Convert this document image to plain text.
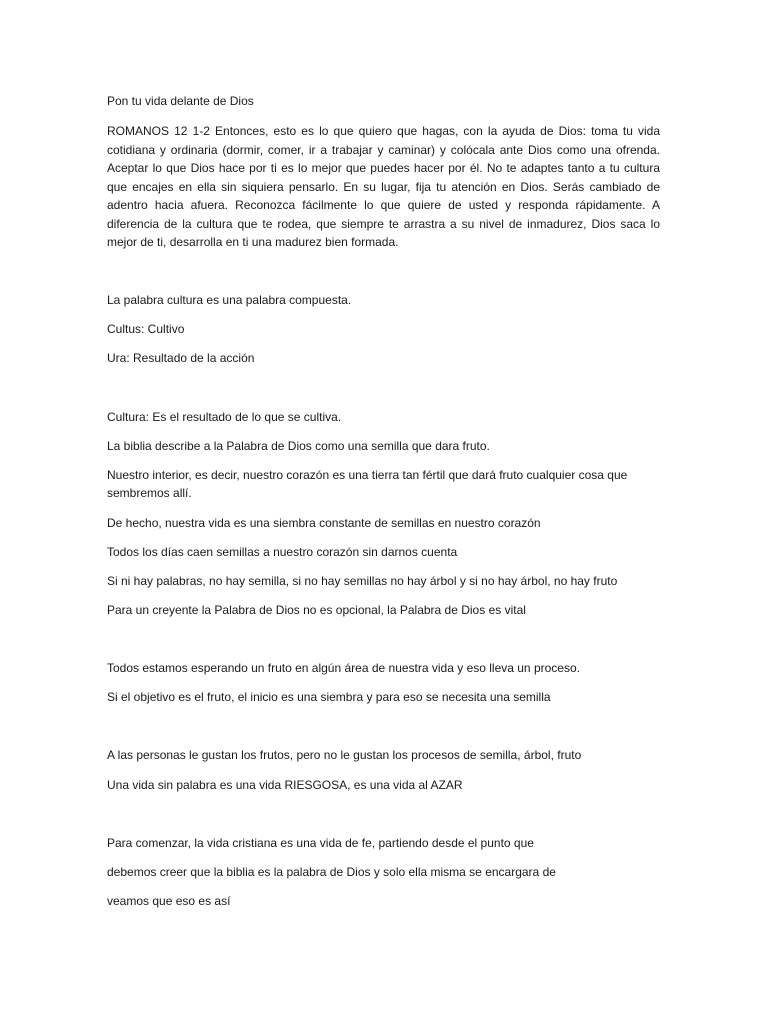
Pon tu vida delante de Dios

ROMANOS 12 1-2 Entonces, esto es lo que quiero que hagas, con la ayuda de Dios: toma tu vida cotidiana y ordinaria (dormir, comer, ir a trabajar y caminar) y colócala ante Dios como una ofrenda. Aceptar lo que Dios hace por ti es lo mejor que puedes hacer por él. No te adaptes tanto a tu cultura que encajes en ella sin siquiera pensarlo. En su lugar, fija tu atención en Dios. Serás cambiado de adentro hacia afuera. Reconozca fácilmente lo que quiere de usted y responda rápidamente. A diferencia de la cultura que te rodea, que siempre te arrastra a su nivel de inmadurez, Dios saca lo mejor de ti, desarrolla en ti una madurez bien formada.

La palabra cultura es una palabra compuesta.

Cultus: Cultivo

Ura: Resultado de la acción

Cultura: Es el resultado de lo que se cultiva.

La biblia describe a la Palabra de Dios como una semilla que dara fruto.

Nuestro interior, es decir, nuestro corazón es una tierra tan fértil que dará fruto cualquier cosa que

sembremos allí.

De hecho, nuestra vida es una siembra constante de semillas en nuestro corazón

Todos los días caen semillas a nuestro corazón sin darnos cuenta

Si ni hay palabras, no hay semilla, si no hay semillas no hay árbol y si no hay árbol, no hay fruto

Para un creyente la Palabra de Dios no es opcional, la Palabra de Dios es vital

Todos estamos esperando un fruto en algún área de nuestra vida y eso lleva un proceso.

Si el objetivo es el fruto, el inicio es una siembra y para eso se necesita una semilla

A las personas le gustan los frutos, pero no le gustan los procesos de semilla, árbol, fruto

Una vida sin palabra es una vida RIESGOSA, es una vida al AZAR

Para comenzar, la vida cristiana es una vida de fe, partiendo desde el punto que

debemos creer que la biblia es la palabra de Dios y solo ella misma se encargara de

veamos que eso es así
